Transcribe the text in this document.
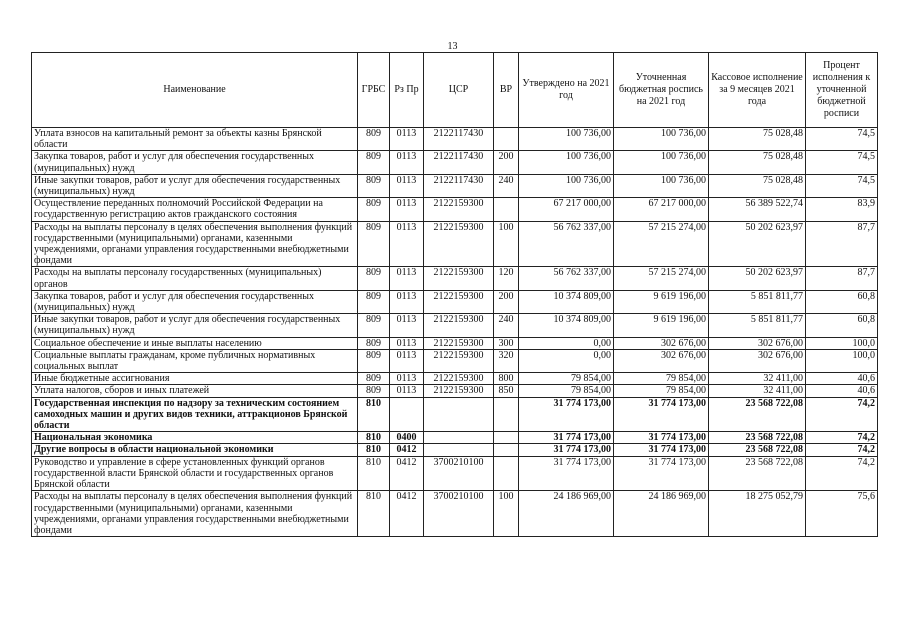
13
Наименование	ГРБС	Рз Пр	ЦСР	ВР	Утверждено на 2021 год	Уточненная бюджетная роспись на 2021 год	Кассовое исполнение за 9 месяцев 2021 года	Процент исполнения к уточненной бюджетной росписи
Уплата взносов на капитальный ремонт за объекты казны Брянской области	809	0113	2122117430		100 736,00	100 736,00	75 028,48	74,5
Закупка товаров, работ и услуг для обеспечения государственных (муниципальных) нужд	809	0113	2122117430	200	100 736,00	100 736,00	75 028,48	74,5
Иные закупки товаров, работ и услуг для обеспечения государственных (муниципальных) нужд	809	0113	2122117430	240	100 736,00	100 736,00	75 028,48	74,5
Осуществление переданных полномочий Российской Федерации на государственную регистрацию актов гражданского состояния	809	0113	2122159300		67 217 000,00	67 217 000,00	56 389 522,74	83,9
Расходы на выплаты персоналу в целях обеспечения выполнения функций государственными (муниципальными) органами, казенными учреждениями, органами управления государственными внебюджетными фондами	809	0113	2122159300	100	56 762 337,00	57 215 274,00	50 202 623,97	87,7
Расходы на выплаты персоналу государственных (муниципальных) органов	809	0113	2122159300	120	56 762 337,00	57 215 274,00	50 202 623,97	87,7
Закупка товаров, работ и услуг для обеспечения государственных (муниципальных) нужд	809	0113	2122159300	200	10 374 809,00	9 619 196,00	5 851 811,77	60,8
Иные закупки товаров, работ и услуг для обеспечения государственных (муниципальных) нужд	809	0113	2122159300	240	10 374 809,00	9 619 196,00	5 851 811,77	60,8
Социальное обеспечение и иные выплаты населению	809	0113	2122159300	300	0,00	302 676,00	302 676,00	100,0
Социальные выплаты гражданам, кроме публичных нормативных социальных выплат	809	0113	2122159300	320	0,00	302 676,00	302 676,00	100,0
Иные бюджетные ассигнования	809	0113	2122159300	800	79 854,00	79 854,00	32 411,00	40,6
Уплата налогов, сборов и иных платежей	809	0113	2122159300	850	79 854,00	79 854,00	32 411,00	40,6
Государственная инспекция по надзору за техническим состоянием самоходных машин и других видов техники, аттракционов Брянской области	810				31 774 173,00	31 774 173,00	23 568 722,08	74,2
Национальная экономика	810	0400			31 774 173,00	31 774 173,00	23 568 722,08	74,2
Другие вопросы в области национальной экономики	810	0412			31 774 173,00	31 774 173,00	23 568 722,08	74,2
Руководство и управление в сфере установленных функций органов государственной власти Брянской области и государственных органов Брянской области	810	0412	3700210100		31 774 173,00	31 774 173,00	23 568 722,08	74,2
Расходы на выплаты персоналу в целях обеспечения выполнения функций государственными (муниципальными) органами, казенными учреждениями, органами управления государственными внебюджетными фондами	810	0412	3700210100	100	24 186 969,00	24 186 969,00	18 275 052,79	75,6
